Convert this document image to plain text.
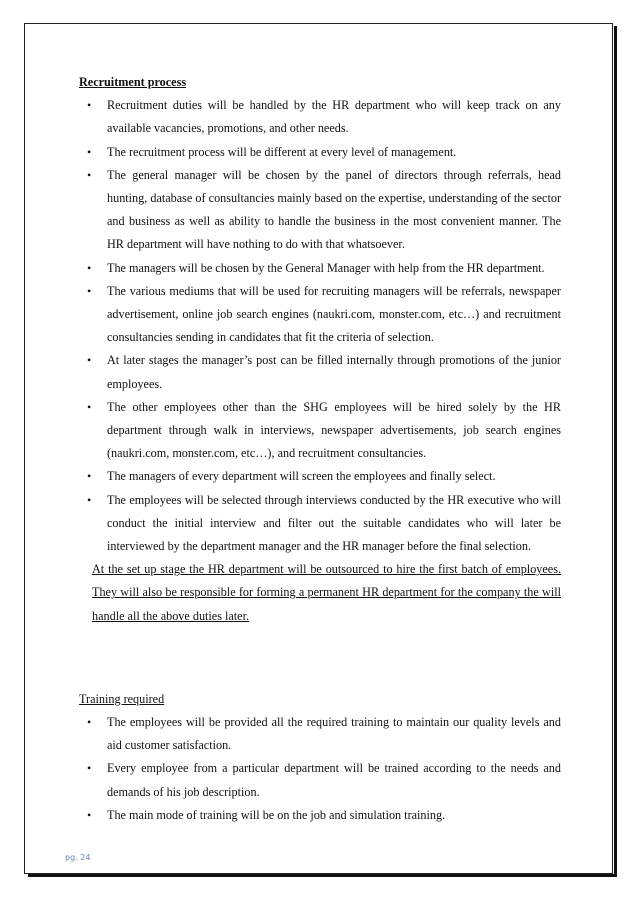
Recruitment process
• Recruitment duties will be handled by the HR department who will keep track on any available vacancies, promotions, and other needs.
• The recruitment process will be different at every level of management.
• The general manager will be chosen by the panel of directors through referrals, head hunting, database of consultancies mainly based on the expertise, understanding of the sector and business as well as ability to handle the business in the most convenient manner. The HR department will have nothing to do with that whatsoever.
• The managers will be chosen by the General Manager with help from the HR department.
• The various mediums that will be used for recruiting managers will be referrals, newspaper advertisement, online job search engines (naukri.com, monster.com, etc…) and recruitment consultancies sending in candidates that fit the criteria of selection.
• At later stages the manager’s post can be filled internally through promotions of the junior employees.
• The other employees other than the SHG employees will be hired solely by the HR department through walk in interviews, newspaper advertisements, job search engines (naukri.com, monster.com, etc…), and recruitment consultancies.
• The managers of every department will screen the employees and finally select.
• The employees will be selected through interviews conducted by the HR executive who will conduct the initial interview and filter out the suitable candidates who will later be interviewed by the department manager and the HR manager before the final selection.
At the set up stage the HR department will be outsourced to hire the first batch of employees. They will also be responsible for forming a permanent HR department for the company the will handle all the above duties later.
Training required
• The employees will be provided all the required training to maintain our quality levels and aid customer satisfaction.
• Every employee from a particular department will be trained according to the needs and demands of his job description.
• The main mode of training will be on the job and simulation training.
pg. 24
